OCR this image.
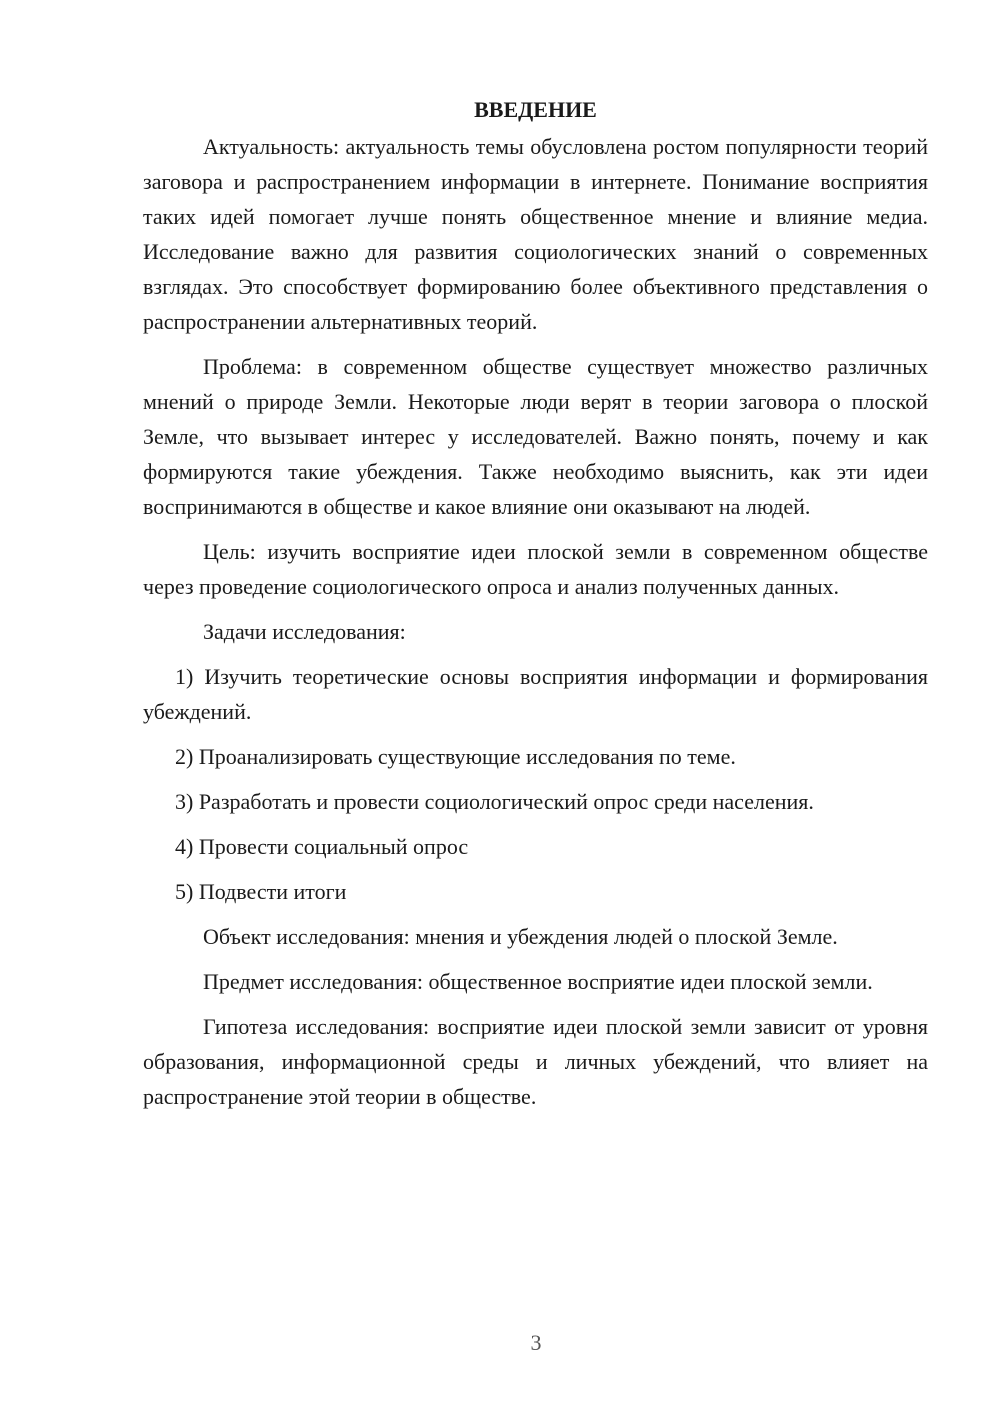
ВВЕДЕНИЕ

Актуальность: актуальность темы обусловлена ростом популярности теорий заговора и распространением информации в интернете. Понимание восприятия таких идей помогает лучше понять общественное мнение и влияние медиа. Исследование важно для развития социологических знаний о современных взглядах. Это способствует формированию более объективного представления о распространении альтернативных теорий.

Проблема: в современном обществе существует множество различных мнений о природе Земли. Некоторые люди верят в теории заговора о плоской Земле, что вызывает интерес у исследователей. Важно понять, почему и как формируются такие убеждения. Также необходимо выяснить, как эти идеи воспринимаются в обществе и какое влияние они оказывают на людей.

Цель: изучить восприятие идеи плоской земли в современном обществе через проведение социологического опроса и анализ полученных данных.

Задачи исследования:

1) Изучить теоретические основы восприятия информации и формирования убеждений.

2) Проанализировать существующие исследования по теме.

3) Разработать и провести социологический опрос среди населения.

4) Провести социальный опрос

5) Подвести итоги

Объект исследования: мнения и убеждения людей о плоской Земле.

Предмет исследования: общественное восприятие идеи плоской земли.

Гипотеза исследования: восприятие идеи плоской земли зависит от уровня образования, информационной среды и личных убеждений, что влияет на распространение этой теории в обществе.

3
